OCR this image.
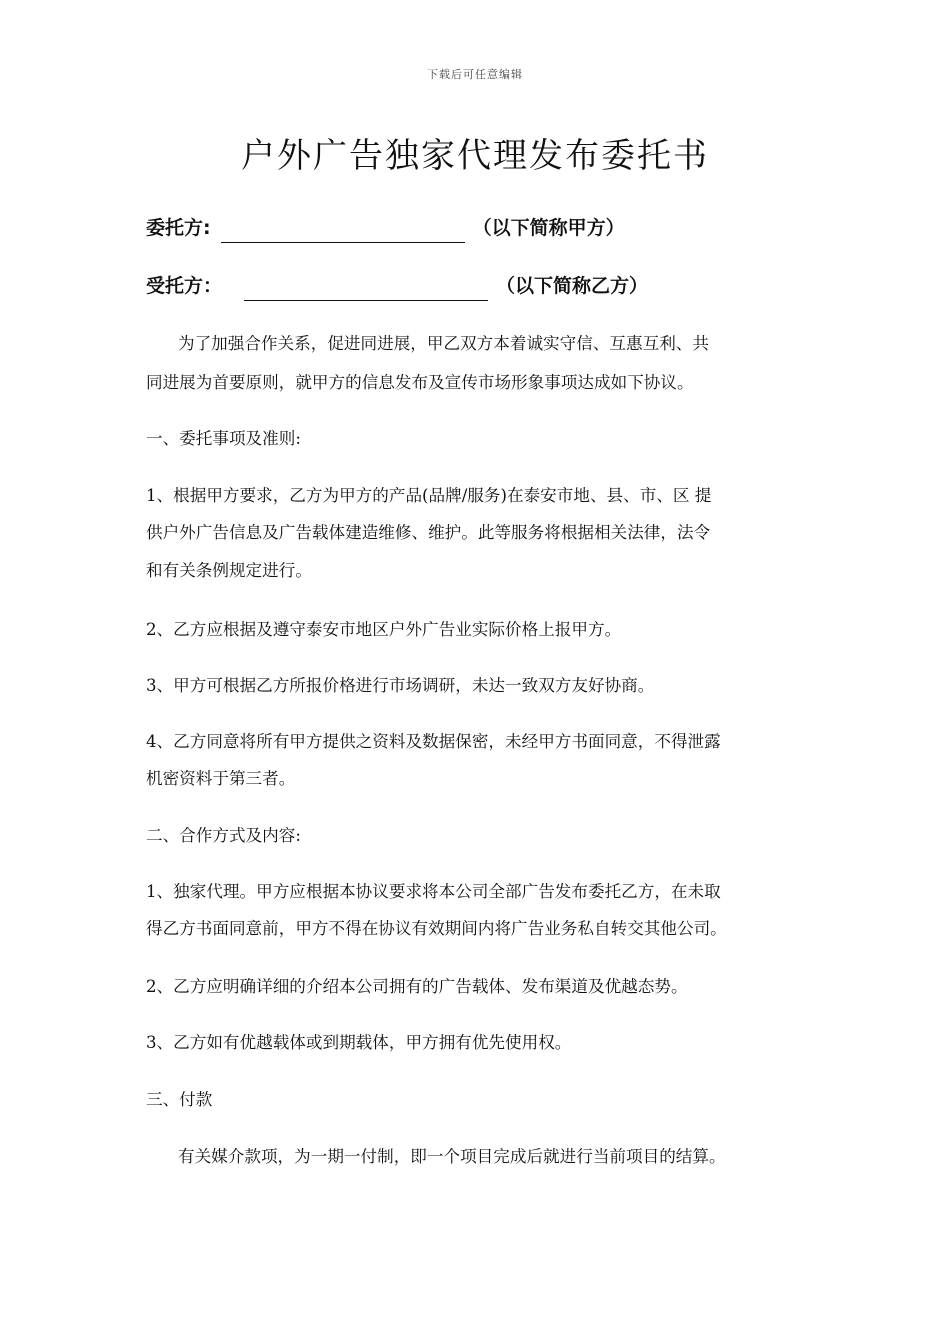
下载后可任意编辑
户外广告独家代理发布委托书
委托方:	（以下简称甲方）
受托方：	（以下简称乙方）
为了加强合作关系，促进同进展，甲乙双方本着诚实守信、互惠互利、共
同进展为首要原则，就甲方的信息发布及宣传市场形象事项达成如下协议。
一、委托事项及准则:
1、根据甲方要求，乙方为甲方的产品(品牌/服务)在泰安市地、县、市、区 提
供户外广告信息及广告载体建造维修、维护。此等服务将根据相关法律，法令
和有关条例规定进行。
2、乙方应根据及遵守泰安市地区户外广告业实际价格上报甲方。
3、甲方可根据乙方所报价格进行市场调研，未达一致双方友好协商。
4、乙方同意将所有甲方提供之资料及数据保密，未经甲方书面同意，不得泄露
机密资料于第三者。
二、合作方式及内容:
1、独家代理。甲方应根据本协议要求将本公司全部广告发布委托乙方，在未取
得乙方书面同意前，甲方不得在协议有效期间内将广告业务私自转交其他公司。
2、乙方应明确详细的介绍本公司拥有的广告载体、发布渠道及优越态势。
3、乙方如有优越载体或到期载体，甲方拥有优先使用权。
三、付款
有关媒介款项，为一期一付制，即一个项目完成后就进行当前项目的结算。
